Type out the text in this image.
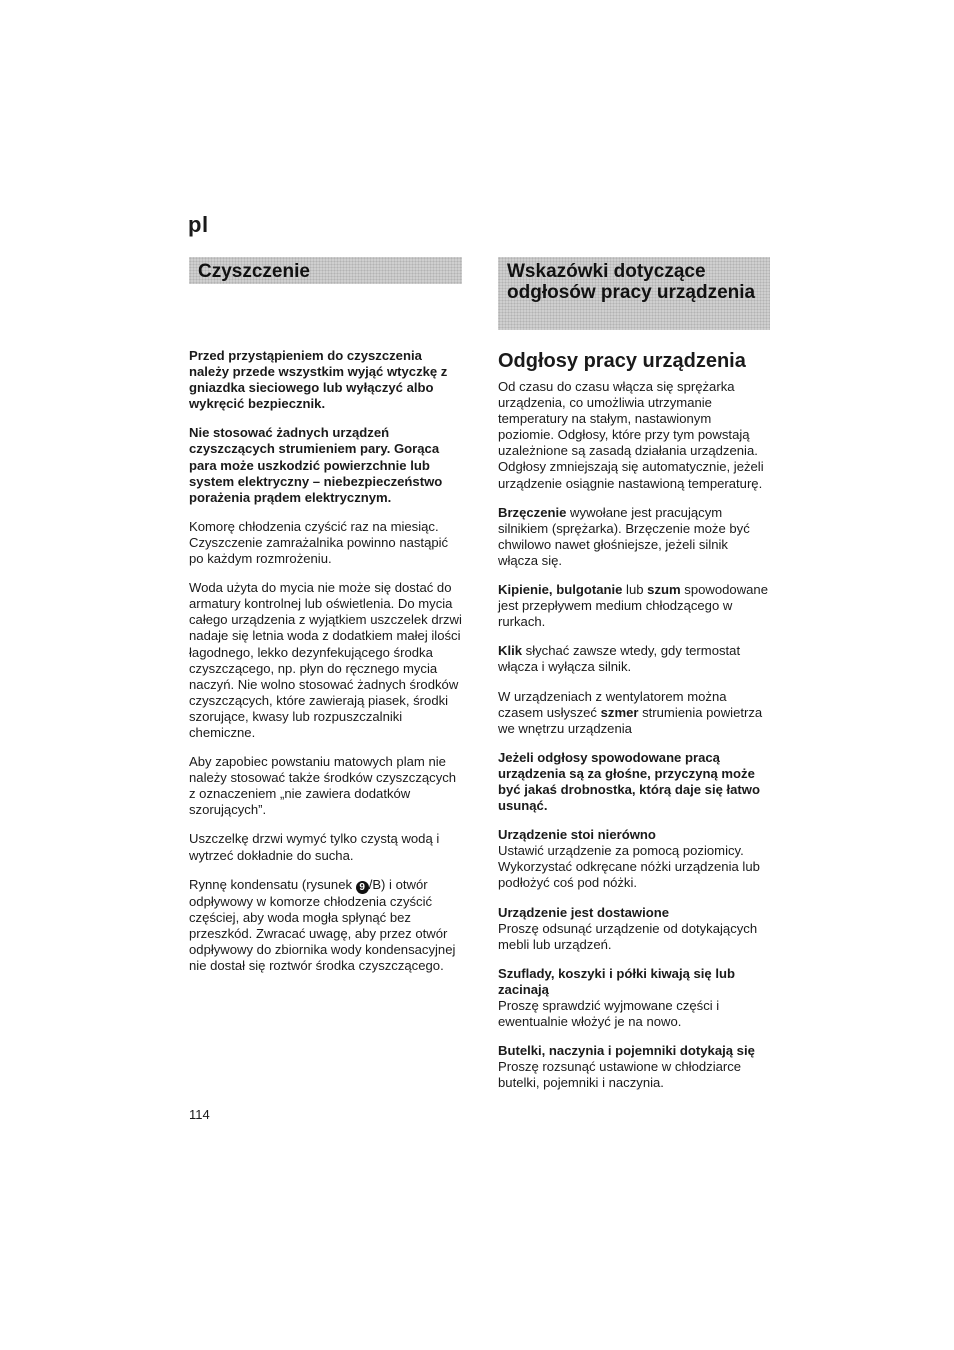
pl
Czyszczenie

Przed przystąpieniem do czyszczenia należy przede wszystkim wyjąć wtyczkę z gniazdka sieciowego lub wyłączyć albo wykręcić bezpiecznik.

Nie stosować żadnych urządzeń czyszczących strumieniem pary. Gorąca para może uszkodzić powierzchnie lub system elektryczny – niebezpieczeństwo porażenia prądem elektrycznym.

Komorę chłodzenia czyścić raz na miesiąc. Czyszczenie zamrażalnika powinno nastąpić po każdym rozmrożeniu.

Woda użyta do mycia nie może się dostać do armatury kontrolnej lub oświetlenia. Do mycia całego urządzenia z wyjątkiem uszczelek drzwi nadaje się letnia woda z dodatkiem małej ilości łagodnego, lekko dezynfekującego środka czyszczącego, np. płyn do ręcznego mycia naczyń. Nie wolno stosować żadnych środków czyszczących, które zawierają piasek, środki szorujące, kwasy lub rozpuszczalniki chemiczne.

Aby zapobiec powstaniu matowych plam nie należy stosować także środków czyszczących z oznaczeniem „nie zawiera dodatków szorujących”.

Uszczelkę drzwi wymyć tylko czystą wodą i wytrzeć dokładnie do sucha.

Rynnę kondensatu (rysunek 9 /B) i otwór odpływowy w komorze chłodzenia czyścić częściej, aby woda mogła spłynąć bez przeszkód. Zwracać uwagę, aby przez otwór odpływowy do zbiornika wody kondensacyjnej nie dostał się roztwór środka czyszczącego.

Wskazówki dotyczące odgłosów pracy urządzenia
Odgłosy pracy urządzenia

Od czasu do czasu włącza się sprężarka urządzenia, co umożliwia utrzymanie temperatury na stałym, nastawionym poziomie. Odgłosy, które przy tym powstają uzależnione są zasadą działania urządzenia. Odgłosy zmniejszają się automatycznie, jeżeli urządzenie osiągnie nastawioną temperaturę.

Brzęczenie wywołane jest pracującym silnikiem (sprężarka). Brzęczenie może być chwilowo nawet głośniejsze, jeżeli silnik włącza się.

Kipienie, bulgotanie lub szum spowodowane jest przepływem medium chłodzącego w rurkach.

Klik słychać zawsze wtedy, gdy termostat włącza i wyłącza silnik.

W urządzeniach z wentylatorem można czasem usłyszeć szmer strumienia powietrza we wnętrzu urządzenia

Jeżeli odgłosy spowodowane pracą urządzenia są za głośne, przyczyną może być jakaś drobnostka, którą daje się łatwo usunąć.

Urządzenie stoi nierówno
Ustawić urządzenie za pomocą poziomicy. Wykorzystać odkręcane nóżki urządzenia lub podłożyć coś pod nóżki.

Urządzenie jest dostawione
Proszę odsunąć urządzenie od dotykających mebli lub urządzeń.

Szuflady, koszyki i półki kiwają się lub zacinają
Proszę sprawdzić wyjmowane części i ewentualnie włożyć je na nowo.

Butelki, naczynia i pojemniki dotykają się
Proszę rozsunąć ustawione w chłodziarce butelki, pojemniki i naczynia.

114
